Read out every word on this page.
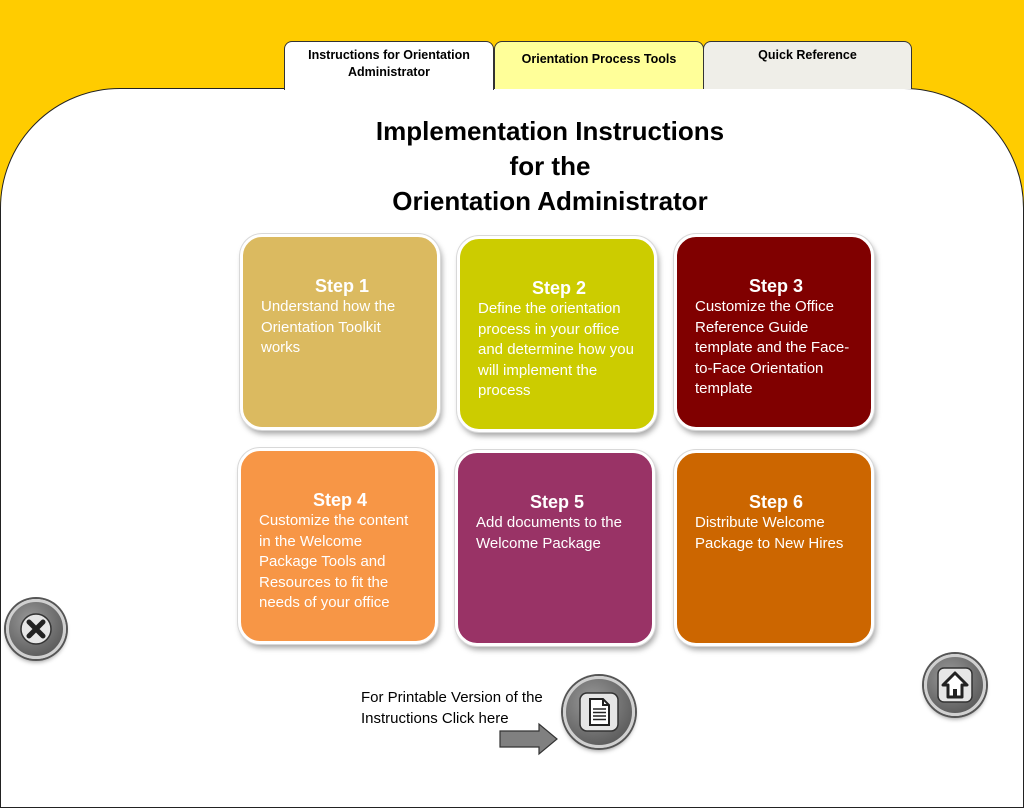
Instructions for Orientation
Administrator
Orientation Process Tools	Quick Reference
Implementation Instructions
for the
Orientation Administrator
Step 1
Understand how the Orientation Toolkit works
Step 2
Define the orientation process in your office and determine how you will implement the process
Step 3
Customize the Office Reference Guide template and the Face-to-Face Orientation template
Step 4
Customize the content in the Welcome Package Tools and Resources to fit the needs of your office
Step 5
Add documents to the Welcome Package
Step 6
Distribute Welcome Package to New Hires
For Printable Version of the Instructions Click here
